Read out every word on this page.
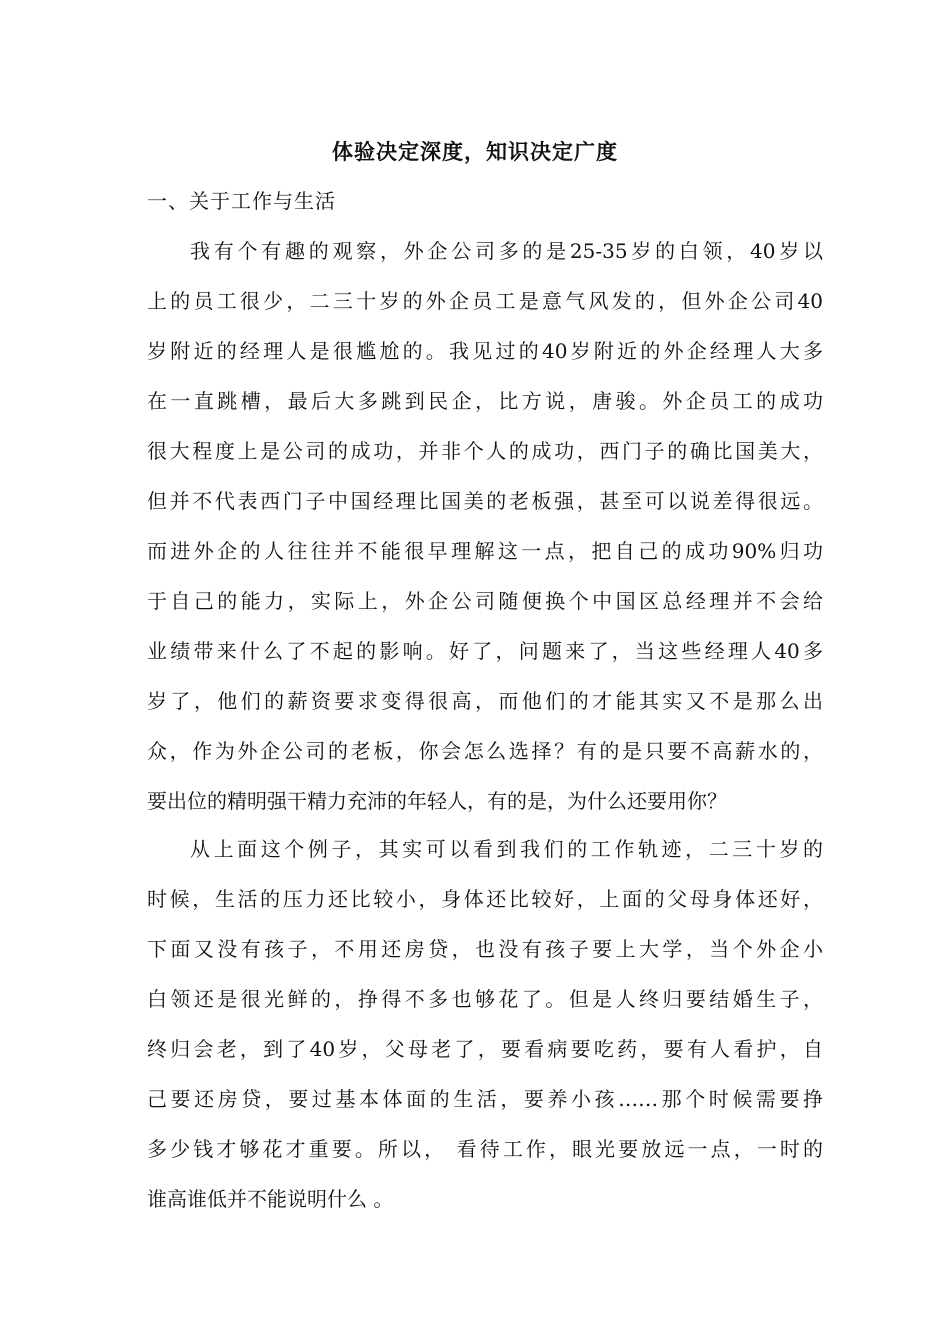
体验决定深度，知识决定广度
一、关于工作与生活
我有个有趣的观察，外企公司多的是25-35岁的白领，40岁以
上的员工很少，二三十岁的外企员工是意气风发的，但外企公司40
岁附近的经理人是很尴尬的。我见过的40岁附近的外企经理人大多
在一直跳槽，最后大多跳到民企，比方说，唐骏。外企员工的成功
很大程度上是公司的成功，并非个人的成功，西门子的确比国美大，
但并不代表西门子中国经理比国美的老板强，甚至可以说差得很远。
而进外企的人往往并不能很早理解这一点，把自己的成功90%归功
于自己的能力，实际上，外企公司随便换个中国区总经理并不会给
业绩带来什么了不起的影响。好了，问题来了，当这些经理人40多
岁了，他们的薪资要求变得很高，而他们的才能其实又不是那么出
众，作为外企公司的老板，你会怎么选择？有的是只要不高薪水的，
要出位的精明强干精力充沛的年轻人，有的是，为什么还要用你？
从上面这个例子，其实可以看到我们的工作轨迹，二三十岁的
时候，生活的压力还比较小，身体还比较好，上面的父母身体还好，
下面又没有孩子，不用还房贷，也没有孩子要上大学，当个外企小
白领还是很光鲜的，挣得不多也够花了。但是人终归要结婚生子，
终归会老，到了40岁，父母老了，要看病要吃药，要有人看护，自
己要还房贷，要过基本体面的生活，要养小孩……那个时候需要挣
多少钱才够花才重要。所以， 看待工作，眼光要放远一点，一时的
谁高谁低并不能说明什么 。
